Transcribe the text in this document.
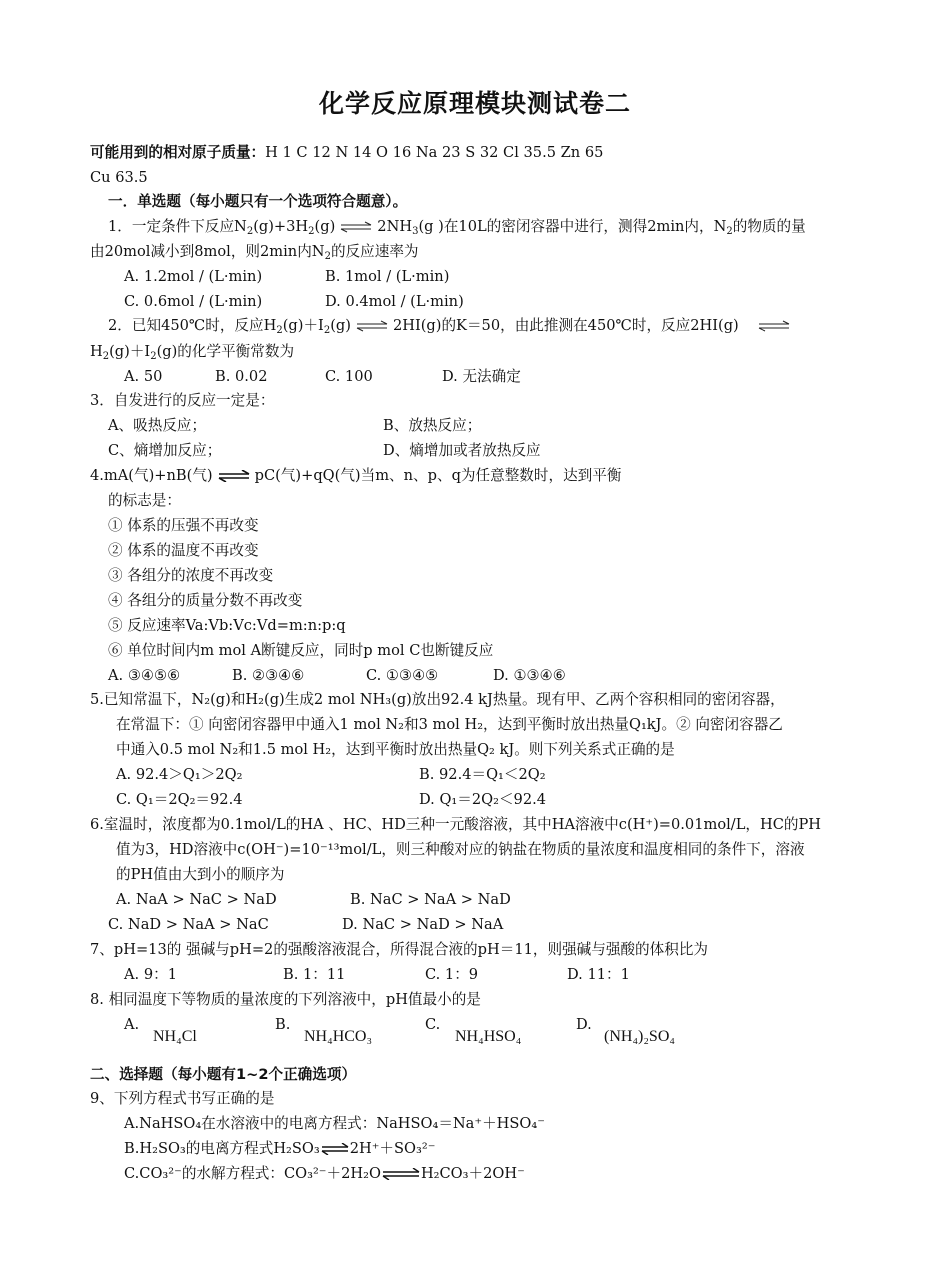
化学反应原理模块测试卷二
可能用到的相对原子质量：H 1 C 12 N 14 O 16 Na 23 S 32 Cl 35.5 Zn 65
Cu 63.5
一．单选题（每小题只有一个选项符合题意）。
1．一定条件下反应$N_2(g)+3H_2(g)$ ⇌ $2NH_3(g$ )在10L的密闭容器中进行，测得2min内，$N_2$的物质的量
由20mol减小到8mol，则2min内$N_2$的反应速率为
A. 1.2mol / (L·min)	B. 1mol / (L·min)
C. 0.6mol / (L·min)	D. 0.4mol / (L·min)
2．已知450℃时，反应$H_2(g)+I_2(g)$ ⇌ 2HI(g)的K＝50，由此推测在450℃时，反应2HI(g) ⇌
$H_2(g)+I_2(g)$的化学平衡常数为
A. 50	B. 0.02	C. 100	D. 无法确定
3．自发进行的反应一定是：
A、吸热反应；	B、放热反应；
C、熵增加反应；	D、熵增加或者放热反应
4.mA(气)+nB(气) ⇌ pC(气)+qQ(气)当m、n、p、q为任意整数时，达到平衡
的标志是：
① 体系的压强不再改变
② 体系的温度不再改变
③ 各组分的浓度不再改变
④ 各组分的质量分数不再改变
⑤ 反应速率Va:Vb:Vc:Vd=m:n:p:q
⑥ 单位时间内m mol A断键反应，同时p mol C也断键反应
A. ③④⑤⑥	B. ②③④⑥	C. ①③④⑤	D. ①③④⑥
5.已知常温下，N₂(g)和H₂(g)生成2 mol NH₃(g)放出92.4 kJ热量。现有甲、乙两个容积相同的密闭容器，
在常温下：① 向密闭容器甲中通入1 mol N₂和3 mol H₂，达到平衡时放出热量Q₁kJ。② 向密闭容器乙
中通入0.5 mol N₂和1.5 mol H₂，达到平衡时放出热量Q₂ kJ。则下列关系式正确的是
A. 92.4＞Q₁＞2Q₂	B. 92.4＝Q₁＜2Q₂
C. Q₁＝2Q₂＝92.4	D. Q₁＝2Q₂＜92.4
6.室温时，浓度都为0.1mol/L的HA 、HC、HD三种一元酸溶液，其中HA溶液中c(H⁺)=0.01mol/L，HC的PH
值为3，HD溶液中c(OH⁻)=10⁻¹³mol/L，则三种酸对应的钠盐在物质的量浓度和温度相同的条件下，溶液
的PH值由大到小的顺序为
A. NaA > NaC > NaD	B. NaC > NaA > NaD
C. NaD > NaA > NaC	D. NaC > NaD > NaA
7、pH=13的 强碱与pH=2的强酸溶液混合，所得混合液的pH＝11，则强碱与强酸的体积比为
A. 9：1	B. 1：11	C. 1：9	D. 11：1
8. 相同温度下等物质的量浓度的下列溶液中，pH值最小的是
A.	B.	C.	D.
NH₄Cl	NH₄HCO₃	NH₄HSO₄	(NH₄)₂SO₄
二、选择题（每小题有1~2个正确选项）
9、下列方程式书写正确的是
A.NaHSO₄在水溶液中的电离方程式：NaHSO₄＝Na⁺＋HSO₄⁻
B.H₂SO₃的电离方程式H₂SO₃⇌2H⁺＋SO₃²⁻
C.CO₃²⁻的水解方程式：CO₃²⁻＋2H₂O⇌H₂CO₃＋2OH⁻
